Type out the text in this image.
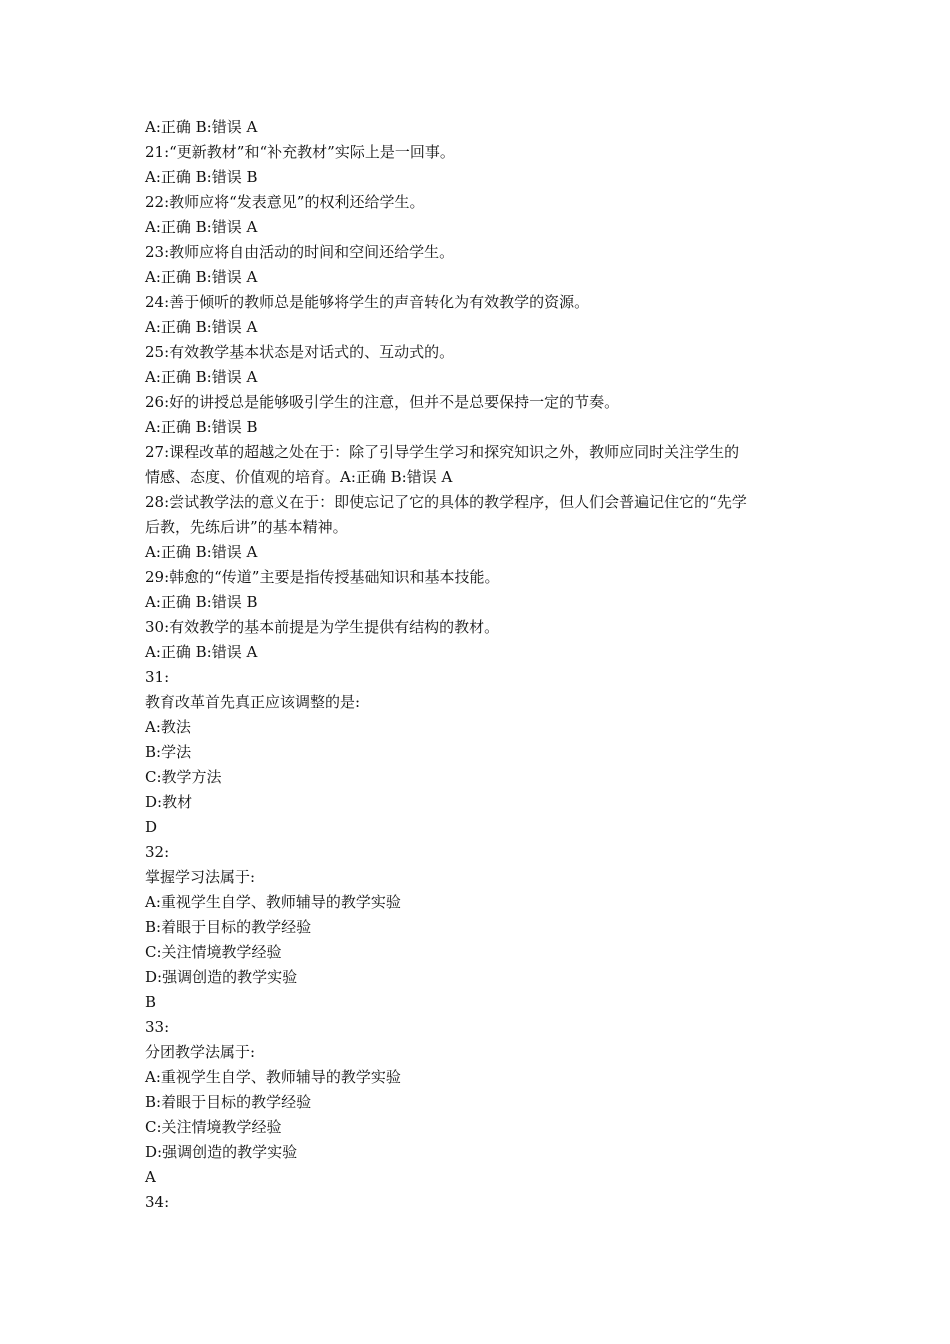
A:正确 B:错误 A

21:“更新教材”和“补充教材”实际上是一回事。

A:正确 B:错误 B

22:教师应将“发表意见”的权利还给学生。

A:正确 B:错误 A

23:教师应将自由活动的时间和空间还给学生。

A:正确 B:错误 A

24:善于倾听的教师总是能够将学生的声音转化为有效教学的资源。

A:正确 B:错误 A

25:有效教学基本状态是对话式的、互动式的。

A:正确 B:错误 A

26:好的讲授总是能够吸引学生的注意，但并不是总要保持一定的节奏。

A:正确 B:错误 B

27:课程改革的超越之处在于：除了引导学生学习和探究知识之外，教师应同时关注学生的

情感、态度、价值观的培育。A:正确 B:错误 A

28:尝试教学法的意义在于：即使忘记了它的具体的教学程序，但人们会普遍记住它的“先学

后教，先练后讲”的基本精神。

A:正确 B:错误 A

29:韩愈的“传道”主要是指传授基础知识和基本技能。

A:正确 B:错误 B

30:有效教学的基本前提是为学生提供有结构的教材。

A:正确 B:错误 A

31:

教育改革首先真正应该调整的是:

A:教法

B:学法

C:教学方法

D:教材

D

32:

掌握学习法属于:

A:重视学生自学、教师辅导的教学实验

B:着眼于目标的教学经验

C:关注情境教学经验

D:强调创造的教学实验

B

33:

分团教学法属于:

A:重视学生自学、教师辅导的教学实验

B:着眼于目标的教学经验

C:关注情境教学经验

D:强调创造的教学实验

A

34:
